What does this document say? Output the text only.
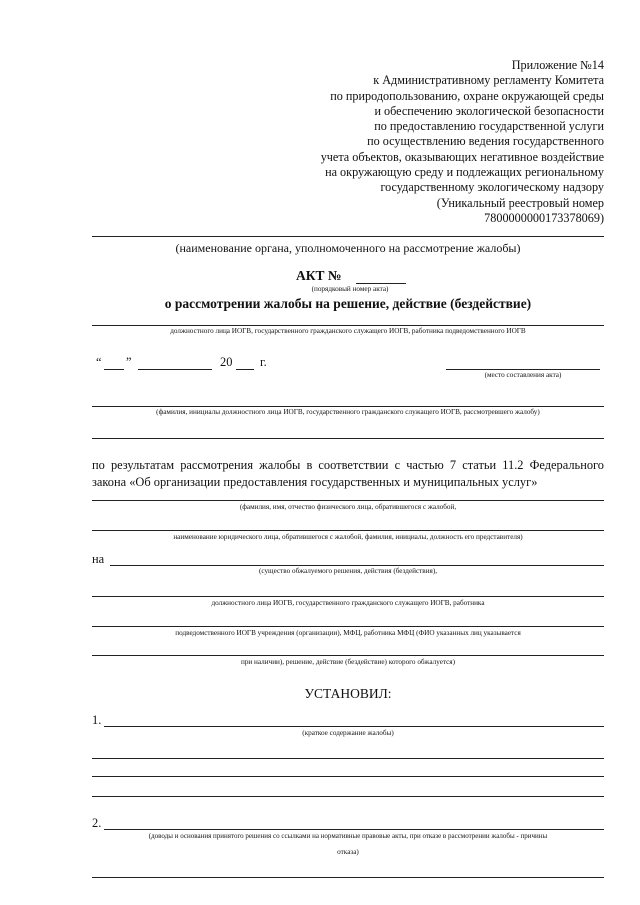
Приложение №14
к Административному регламенту Комитета
по природопользованию, охране окружающей среды
и обеспечению экологической безопасности
по предоставлению государственной услуги
по осуществлению ведения государственного
учета объектов, оказывающих негативное воздействие
на окружающую среду и подлежащих региональному
государственному экологическому надзору
(Уникальный реестровый номер
7800000000173378069)
(наименование органа, уполномоченного на рассмотрение жалобы)
АКТ №
(порядковый номер акта)
о рассмотрении жалобы на решение, действие (бездействие)
должностного лица ИОГВ, государственного гражданского служащего ИОГВ, работника подведомственного ИОГВ
“ ”	20 г.
(место составления акта)
(фамилия, инициалы должностного лица ИОГВ, государственного гражданского служащего ИОГВ, рассмотревшего жалобу)
по результатам рассмотрения жалобы в соответствии с частью 7 статьи 11.2 Федерального закона «Об организации предоставления государственных и муниципальных услуг»
(фамилия, имя, отчество физического лица, обратившегося с жалобой,
наименование юридического лица, обратившегося с жалобой, фамилия, инициалы, должность его представителя)
на
(существо обжалуемого решения, действия (бездействия),
должностного лица ИОГВ, государственного гражданского служащего ИОГВ, работника
подведомственного ИОГВ учреждения (организации), МФЦ, работника МФЦ (ФИО указанных лиц указывается
при наличии), решение, действие (бездействие) которого обжалуется)
УСТАНОВИЛ:
1.
(краткое содержание жалобы)
2.
(доводы и основания принятого решения со ссылками на нормативные правовые акты, при отказе в рассмотрении жалобы - причины
отказа)
